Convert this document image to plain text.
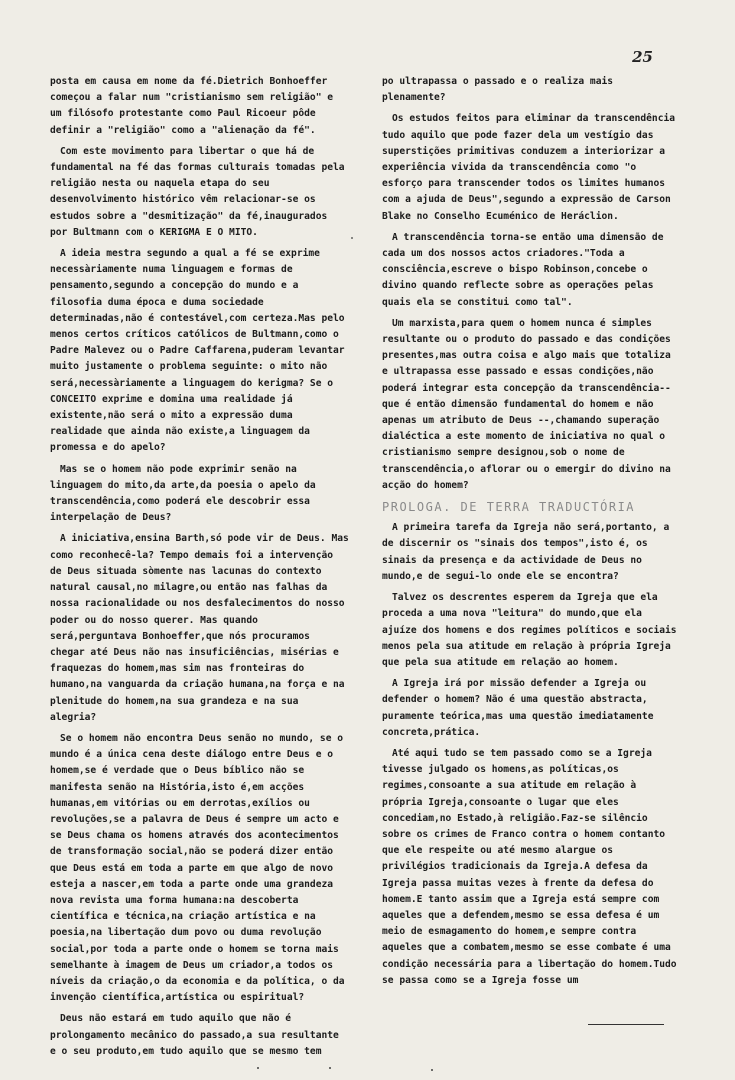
25

posta em causa em nome da fé.Dietrich Bonhoeffer começou a falar num "cristianismo sem religião" e um filósofo protestante como Paul Ricoeur pôde definir a "religião" como a "alienação da fé".

Com este movimento para libertar o que há de fundamental na fé das formas culturais tomadas pela religião nesta ou naquela etapa do seu desenvolvimento histórico vêm relacionar-se os estudos sobre a "desmitização" da fé,inaugurados por Bultmann com o KERIGMA E O MITO.

A ideia mestra segundo a qual a fé se exprime necessàriamente numa linguagem e formas de pensamento,segundo a concepção do mundo e a filosofia duma época e duma sociedade determinadas,não é contestável,com certeza.Mas pelo menos certos críticos católicos de Bultmann,como o Padre Malevez ou o Padre Caffarena,puderam levantar muito justamente o problema seguinte: o mito não será,necessàriamente a linguagem do kerigma? Se o CONCEITO exprime e domina uma realidade já existente,não será o mito a expressão duma realidade que ainda não existe,a linguagem da promessa e do apelo?

Mas se o homem não pode exprimir senão na linguagem do mito,da arte,da poesia o apelo da transcendência,como poderá ele descobrir essa interpelação de Deus?

A iniciativa,ensina Barth,só pode vir de Deus. Mas como reconhecê-la? Tempo demais foi a intervenção de Deus situada sòmente nas lacunas do contexto natural causal,no milagre,ou então nas falhas da nossa racionalidade ou nos desfalecimentos do nosso poder ou do nosso querer. Mas quando será,perguntava Bonhoeffer,que nós procuramos chegar até Deus não nas insuficiências, misérias e fraquezas do homem,mas sim nas fronteiras do humano,na vanguarda da criação humana,na força e na plenitude do homem,na sua grandeza e na sua alegria?

Se o homem não encontra Deus senão no mundo, se o mundo é a única cena deste diálogo entre Deus e o homem,se é verdade que o Deus bíblico não se manifesta senão na História,isto é,em acções humanas,em vitórias ou em derrotas,exílios ou revoluções,se a palavra de Deus é sempre um acto e se Deus chama os homens através dos acontecimentos de transformação social,não se poderá dizer então que Deus está em toda a parte em que algo de novo esteja a nascer,em toda a parte onde uma grandeza nova revista uma forma humana:na descoberta científica e técnica,na criação artística e na poesia,na libertação dum povo ou duma revolução social,por toda a parte onde o homem se torna mais semelhante à imagem de Deus um criador,a todos os níveis da criação,o da economia e da política, o da invenção científica,artística ou espiritual?

Deus não estará em tudo aquilo que não é prolongamento mecânico do passado,a sua resultante e o seu produto,em tudo aquilo que se mesmo tem

po ultrapassa o passado e o realiza mais plenamente?

Os estudos feitos para eliminar da transcendência tudo aquilo que pode fazer dela um vestígio das superstições primitivas conduzem a interiorizar a experiência vivida da transcendência como "o esforço para transcender todos os limites humanos com a ajuda de Deus",segundo a expressão de Carson Blake no Conselho Ecuménico de Heráclion.

A transcendência torna-se então uma dimensão de cada um dos nossos actos criadores."Toda a consciência,escreve o bispo Robinson,concebe o divino quando reflecte sobre as operações pelas quais ela se constitui como tal".

Um marxista,para quem o homem nunca é simples resultante ou o produto do passado e das condições presentes,mas outra coisa e algo mais que totaliza e ultrapassa esse passado e essas condições,não poderá integrar esta concepção da transcendência--que é então dimensão fundamental do homem e não apenas um atributo de Deus --,chamando superação dialéctica a este momento de iniciativa no qual o cristianismo sempre designou,sob o nome de transcendência,o aflorar ou o emergir do divino na acção do homem?

PROLOGA. DE TERRA TRADUCTÓRIA

A primeira tarefa da Igreja não será,portanto, a de discernir os "sinais dos tempos",isto é, os sinais da presença e da actividade de Deus no mundo,e de segui-lo onde ele se encontra?

Talvez os descrentes esperem da Igreja que ela proceda a uma nova "leitura" do mundo,que ela ajuíze dos homens e dos regimes políticos e sociais menos pela sua atitude em relação à própria Igreja que pela sua atitude em relação ao homem.

A Igreja irá por missão defender a Igreja ou defender o homem? Não é uma questão abstracta, puramente teórica,mas uma questão imediatamente concreta,prática.

Até aqui tudo se tem passado como se a Igreja tivesse julgado os homens,as políticas,os regimes,consoante a sua atitude em relação à própria Igreja,consoante o lugar que eles concediam,no Estado,à religião.Faz-se silêncio sobre os crimes de Franco contra o homem contanto que ele respeite ou até mesmo alargue os privilégios tradicionais da Igreja.A defesa da Igreja passa muitas vezes à frente da defesa do homem.E tanto assim que a Igreja está sempre com aqueles que a defendem,mesmo se essa defesa é um meio de esmagamento do homem,e sempre contra aqueles que a combatem,mesmo se esse combate é uma condição necessária para a libertação do homem.Tudo se passa como se a Igreja fosse um
